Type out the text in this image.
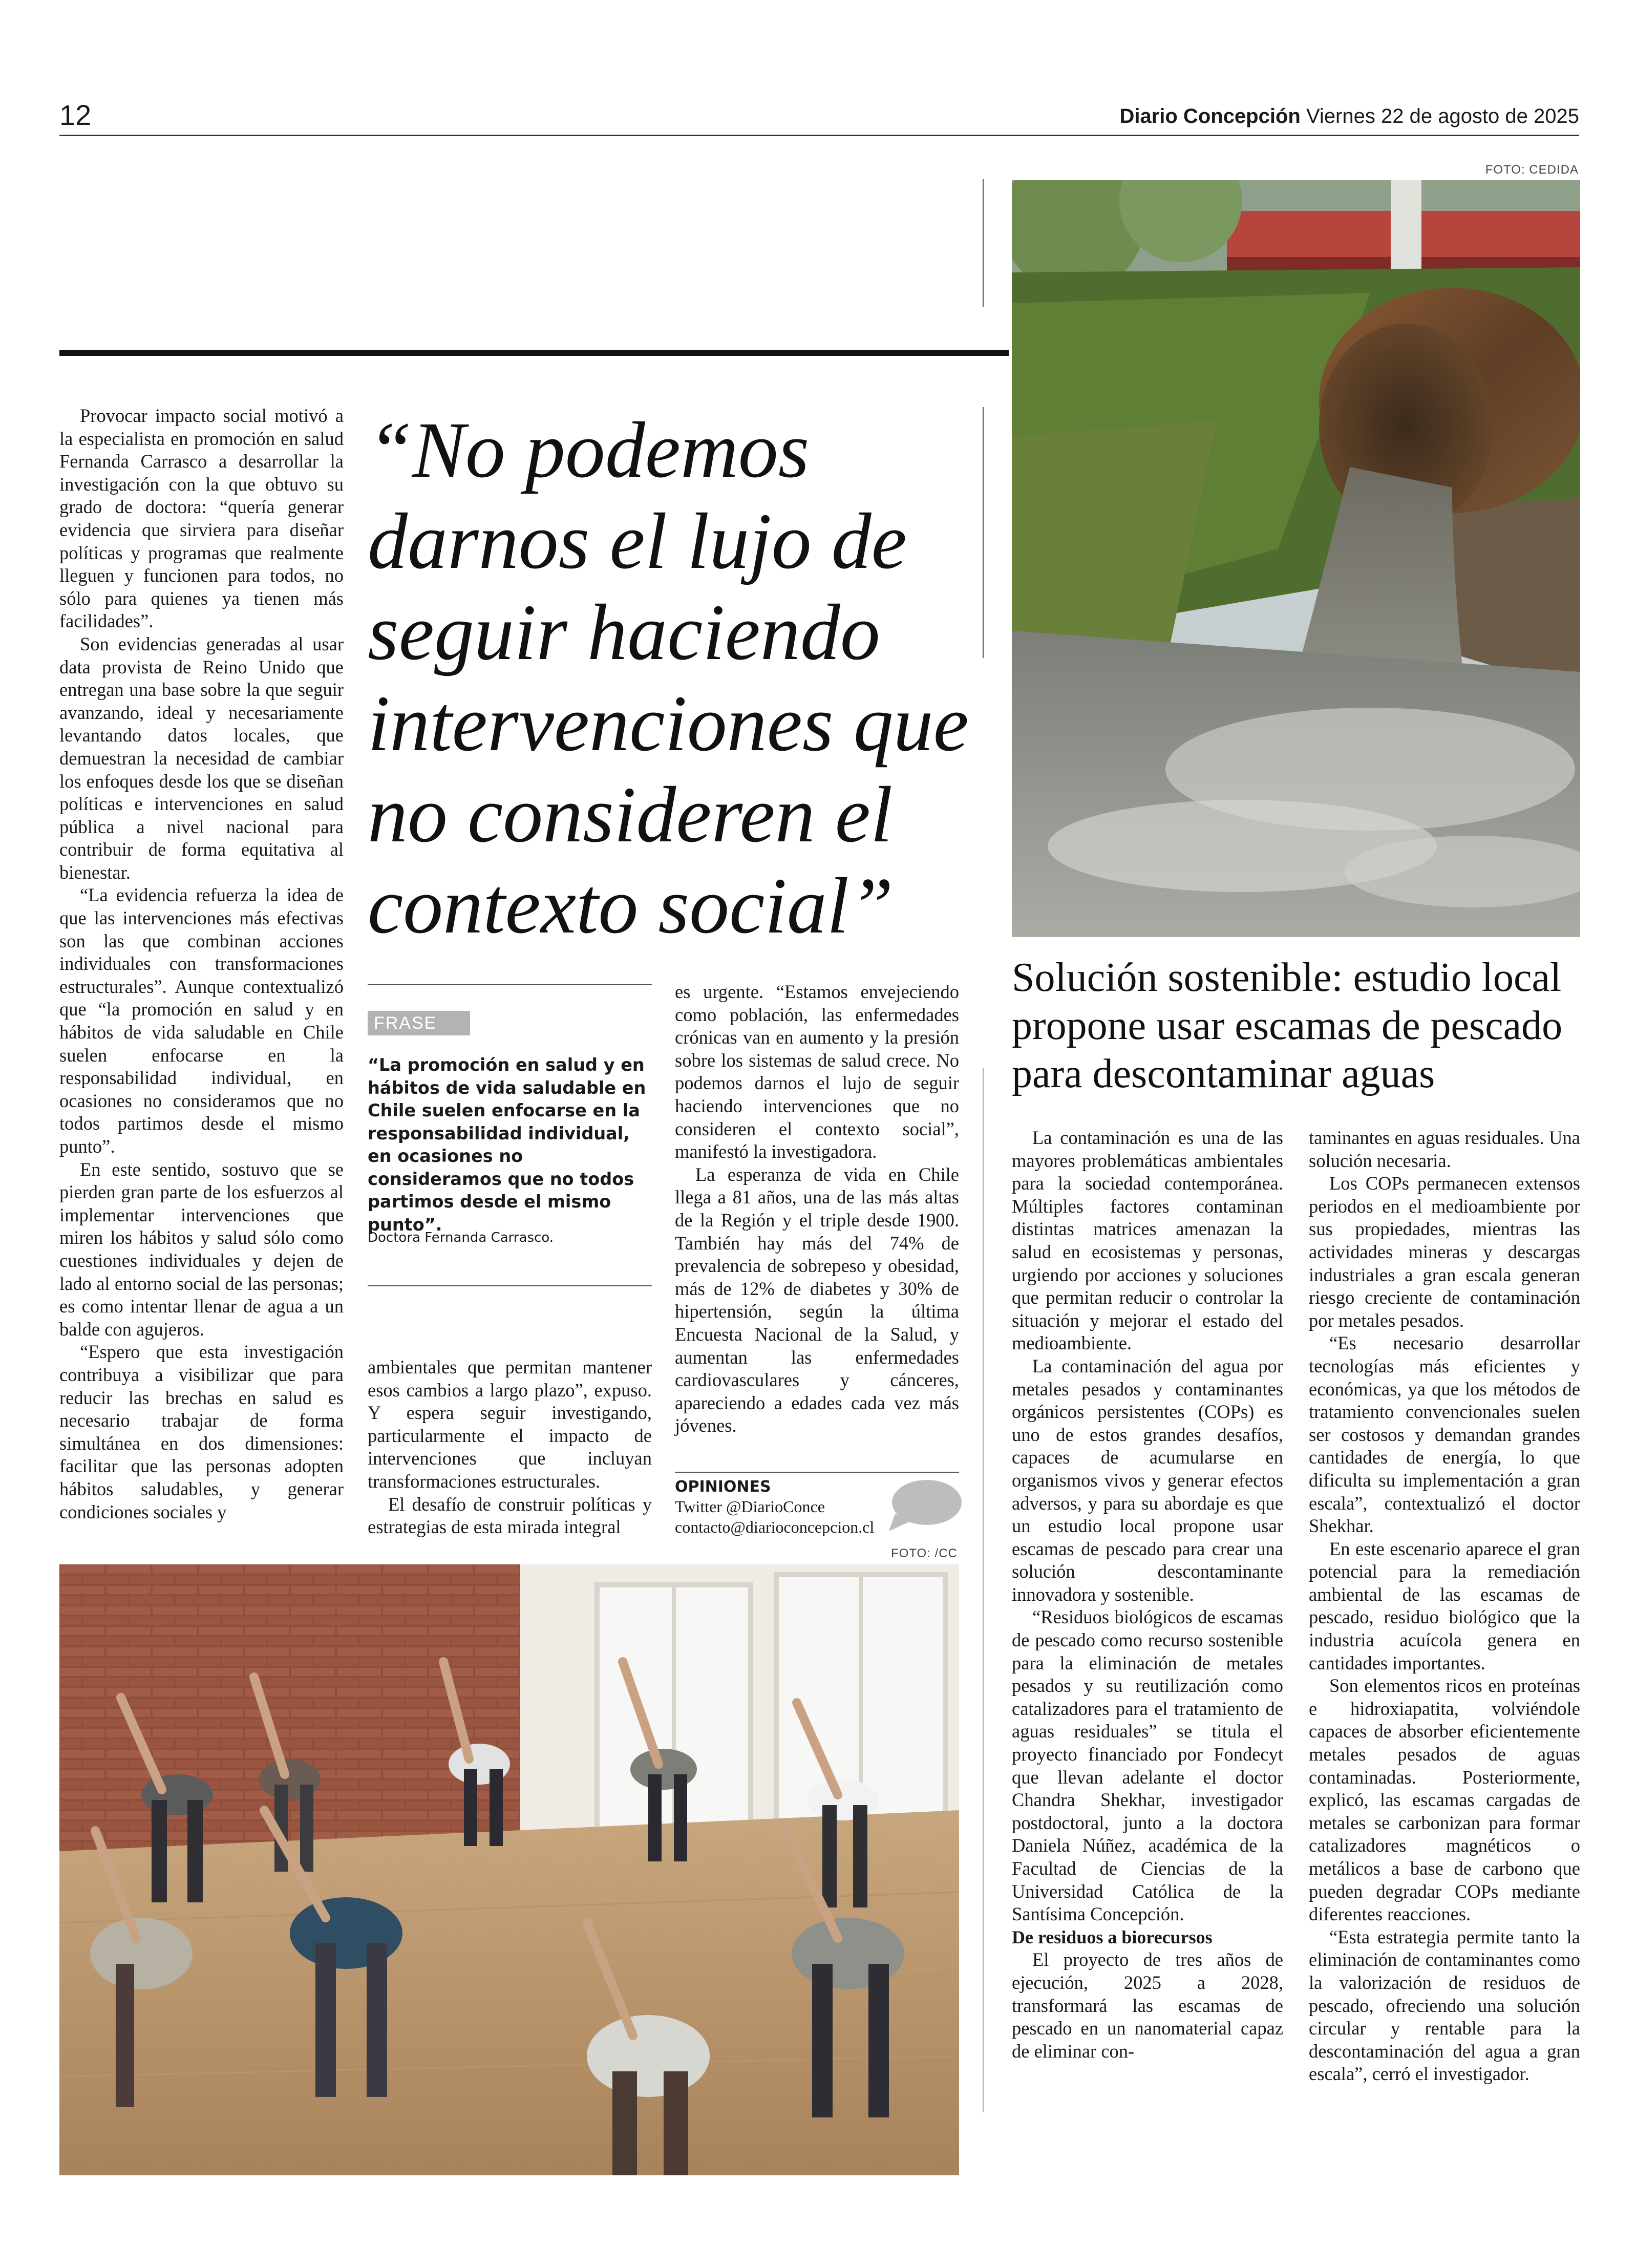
12	Diario Concepción Viernes 22 de agosto de 2025
FOTO: CEDIDA

Provocar impacto social motivó a la especialista en promoción en salud Fernanda Carrasco a desarrollar la investigación con la que obtuvo su grado de doctora: “quería generar evidencia que sirviera para diseñar políticas y programas que realmente lleguen y funcionen para todos, no sólo para quienes ya tienen más facilidades”.

Son evidencias generadas al usar data provista de Reino Unido que entregan una base sobre la que seguir avanzando, ideal y necesariamente levantando datos locales, que demuestran la necesidad de cambiar los enfoques desde los que se diseñan políticas e intervenciones en salud pública a nivel nacional para contribuir de forma equitativa al bienestar.

“La evidencia refuerza la idea de que las intervenciones más efectivas son las que combinan acciones individuales con transformaciones estructurales”. Aunque contextualizó que “la promoción en salud y en hábitos de vida saludable en Chile suelen enfocarse en la responsabilidad individual, en ocasiones no consideramos que no todos partimos desde el mismo punto”.

En este sentido, sostuvo que se pierden gran parte de los esfuerzos al implementar intervenciones que miren los hábitos y salud sólo como cuestiones individuales y dejen de lado al entorno social de las personas; es como intentar llenar de agua a un balde con agujeros.

“Espero que esta investigación contribuya a visibilizar que para reducir las brechas en salud es necesario trabajar de forma simultánea en dos dimensiones: facilitar que las personas adopten hábitos saludables, y generar condiciones sociales y

“No podemos darnos el lujo de seguir haciendo intervenciones que no consideren el contexto social”
FRASE
“La promoción en salud y en hábitos de vida saludable en Chile suelen enfocarse en la responsabilidad individual, en ocasiones no consideramos que no todos partimos desde el mismo punto”.
Doctora Fernanda Carrasco.

ambientales que permitan mantener esos cambios a largo plazo”, expuso. Y espera seguir investigando, particularmente el impacto de intervenciones que incluyan transformaciones estructurales.

El desafío de construir políticas y estrategias de esta mirada integral

es urgente. “Estamos envejeciendo como población, las enfermedades crónicas van en aumento y la presión sobre los sistemas de salud crece. No podemos darnos el lujo de seguir haciendo intervenciones que no consideren el contexto social”, manifestó la investigadora.

La esperanza de vida en Chile llega a 81 años, una de las más altas de la Región y el triple desde 1900. También hay más del 74% de prevalencia de sobrepeso y obesidad, más de 12% de diabetes y 30% de hipertensión, según la última Encuesta Nacional de la Salud, y aumentan las enfermedades cardiovasculares y cánceres, apareciendo a edades cada vez más jóvenes.

OPINIONES
Twitter @DiarioConce
contacto@diarioconcepcion.cl
FOTO: /CC
Solución sostenible: estudio local propone usar escamas de pescado para descontaminar aguas

La contaminación es una de las mayores problemáticas ambientales para la sociedad contemporánea. Múltiples factores contaminan distintas matrices amenazan la salud en ecosistemas y personas, urgiendo por acciones y soluciones que permitan reducir o controlar la situación y mejorar el estado del medioambiente.

La contaminación del agua por metales pesados y contaminantes orgánicos persistentes (COPs) es uno de estos grandes desafíos, capaces de acumularse en organismos vivos y generar efectos adversos, y para su abordaje es que un estudio local propone usar escamas de pescado para crear una solución descontaminante innovadora y sostenible.

“Residuos biológicos de escamas de pescado como recurso sostenible para la eliminación de metales pesados y su reutilización como catalizadores para el tratamiento de aguas residuales” se titula el proyecto financiado por Fondecyt que llevan adelante el doctor Chandra Shekhar, investigador postdoctoral, junto a la doctora Daniela Núñez, académica de la Facultad de Ciencias de la Universidad Católica de la Santísima Concepción.

De residuos a biorecursos

El proyecto de tres años de ejecución, 2025 a 2028, transformará las escamas de pescado en un nanomaterial capaz de eliminar con-

taminantes en aguas residuales. Una solución necesaria.

Los COPs permanecen extensos periodos en el medioambiente por sus propiedades, mientras las actividades mineras y descargas industriales a gran escala generan riesgo creciente de contaminación por metales pesados.

“Es necesario desarrollar tecnologías más eficientes y económicas, ya que los métodos de tratamiento convencionales suelen ser costosos y demandan grandes cantidades de energía, lo que dificulta su implementación a gran escala”, contextualizó el doctor Shekhar.

En este escenario aparece el gran potencial para la remediación ambiental de las escamas de pescado, residuo biológico que la industria acuícola genera en cantidades importantes.

Son elementos ricos en proteínas e hidroxiapatita, volviéndole capaces de absorber eficientemente metales pesados de aguas contaminadas. Posteriormente, explicó, las escamas cargadas de metales se carbonizan para formar catalizadores magnéticos o metálicos a base de carbono que pueden degradar COPs mediante diferentes reacciones.

“Esta estrategia permite tanto la eliminación de contaminantes como la valorización de residuos de pescado, ofreciendo una solución circular y rentable para la descontaminación del agua a gran escala”, cerró el investigador.
